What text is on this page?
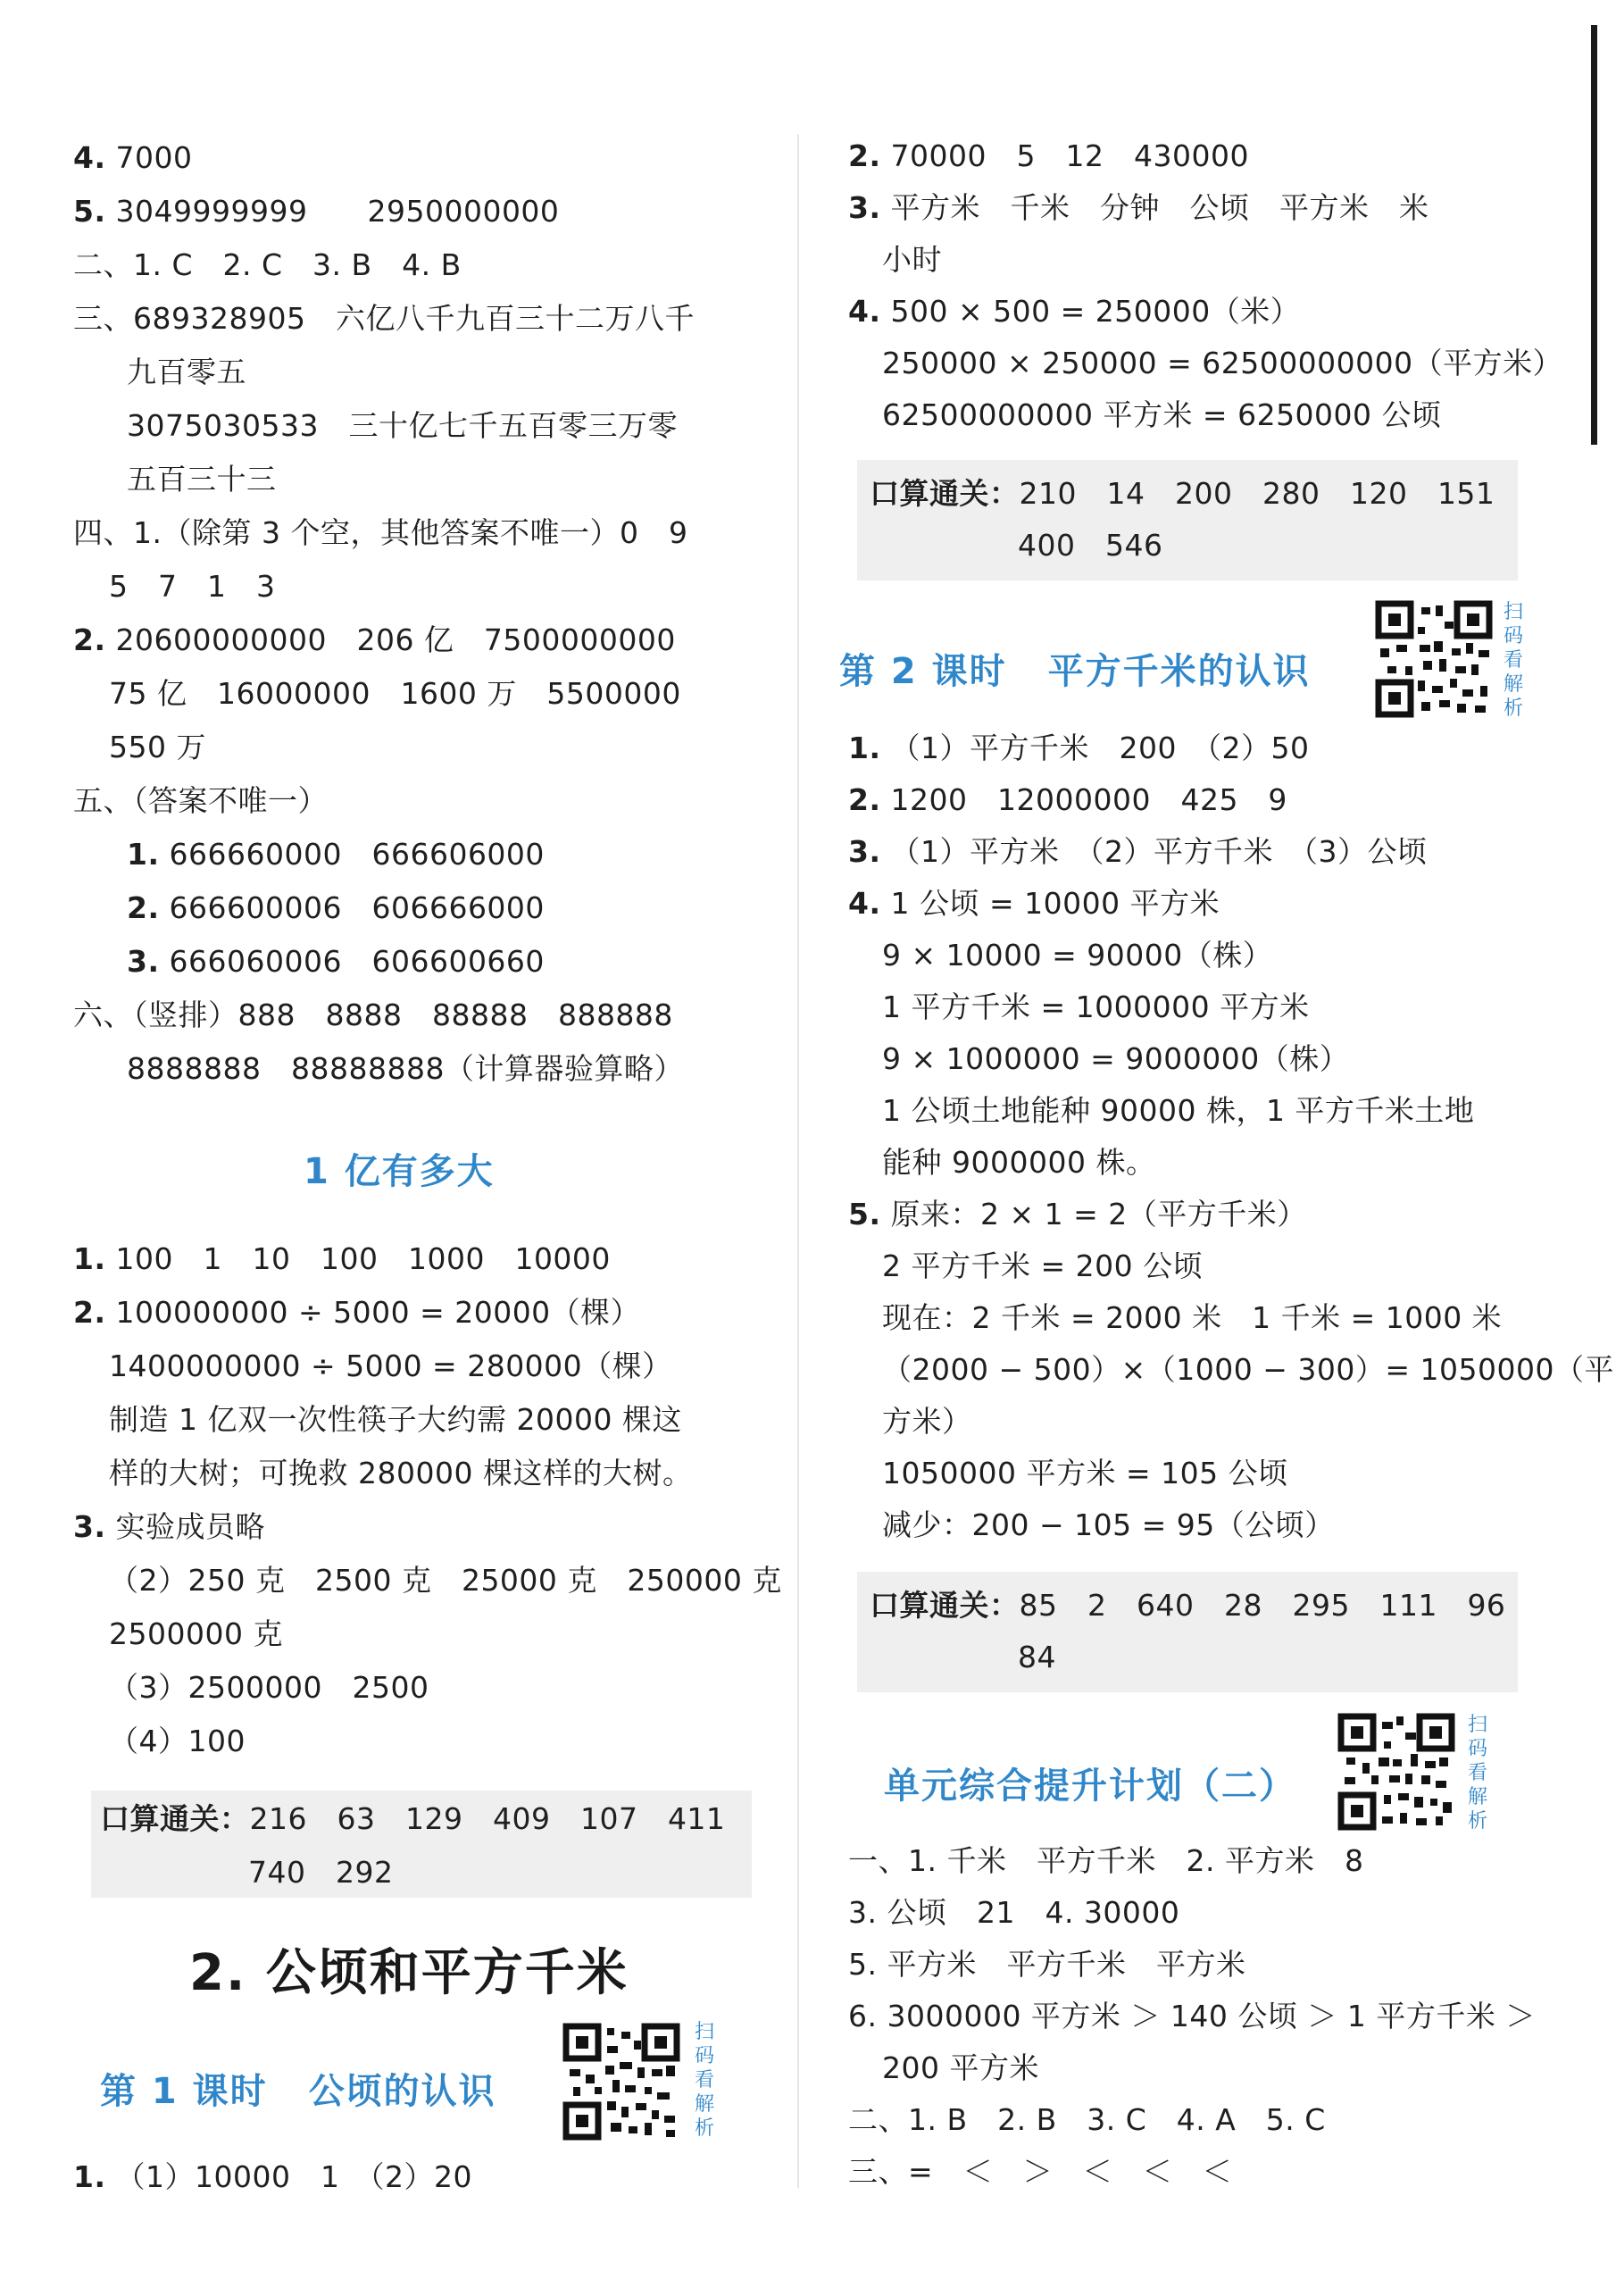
4. 7000
5. 3049999999　　 2950000000
二、1. C　2. C　3. B　4. B
三、689328905　六亿八千九百三十二万八千
九百零五
3075030533　三十亿七千五百零三万零
五百三十三
四、1.（除第 3 个空，其他答案不唯一）0　9
5　7　1　3
2. 20600000000　206 亿　7500000000
75 亿　16000000　1600 万　5500000
550 万
五、（答案不唯一）
1. 666660000　666606000
2. 666600006　606666000
3. 666060006　606600660
六、（竖排）888　8888　88888　888888
8888888　88888888（计算器验算略）
1 亿有多大
1. 100　1　10　100　1000　10000
2. 100000000 ÷ 5000 = 20000（棵）
1400000000 ÷ 5000 = 280000（棵）
制造 1 亿双一次性筷子大约需 20000 棵这
样的大树；可挽救 280000 棵这样的大树。
3. 实验成员略
（2）250 克　2500 克　25000 克　250000 克
2500000 克
（3）2500000　2500
（4）100
口算通关：216　63　129　409　107　411
740　292
2. 公顷和平方千米
第 1 课时 公顷的认识
扫
码
看
解
析
1. （1）10000　1　（2）20
2. 70000　5　12　430000
3. 平方米　千米　分钟　公顷　平方米　米
小时
4. 500 × 500 = 250000（米）
250000 × 250000 = 62500000000（平方米）
62500000000 平方米 = 6250000 公顷
口算通关：210　14　200　280　120　151
400　546
第 2 课时 平方千米的认识
扫
码
看
解
析
1. （1）平方千米　200　（2）50
2. 1200　12000000　425　9
3. （1）平方米　（2）平方千米　（3）公顷
4. 1 公顷 = 10000 平方米
9 × 10000 = 90000（株）
1 平方千米 = 1000000 平方米
9 × 1000000 = 9000000（株）
1 公顷土地能种 90000 株，1 平方千米土地
能种 9000000 株。
5. 原来：2 × 1 = 2（平方千米）
2 平方千米 = 200 公顷
现在：2 千米 = 2000 米　1 千米 = 1000 米
（2000 − 500）×（1000 − 300）= 1050000（平
方米）
1050000 平方米 = 105 公顷
减少：200 − 105 = 95（公顷）
口算通关：85　2　640　28　295　111　96
84
单元综合提升计划（二）
扫
码
看
解
析
一、1. 千米　平方千米　2. 平方米　8
3. 公顷　21　4. 30000
5. 平方米　平方千米　平方米
6. 3000000 平方米 ＞ 140 公顷 ＞ 1 平方千米 ＞
200 平方米
二、1. B　2. B　3. C　4. A　5. C
三、=　＜　＞　＜　＜　＜
